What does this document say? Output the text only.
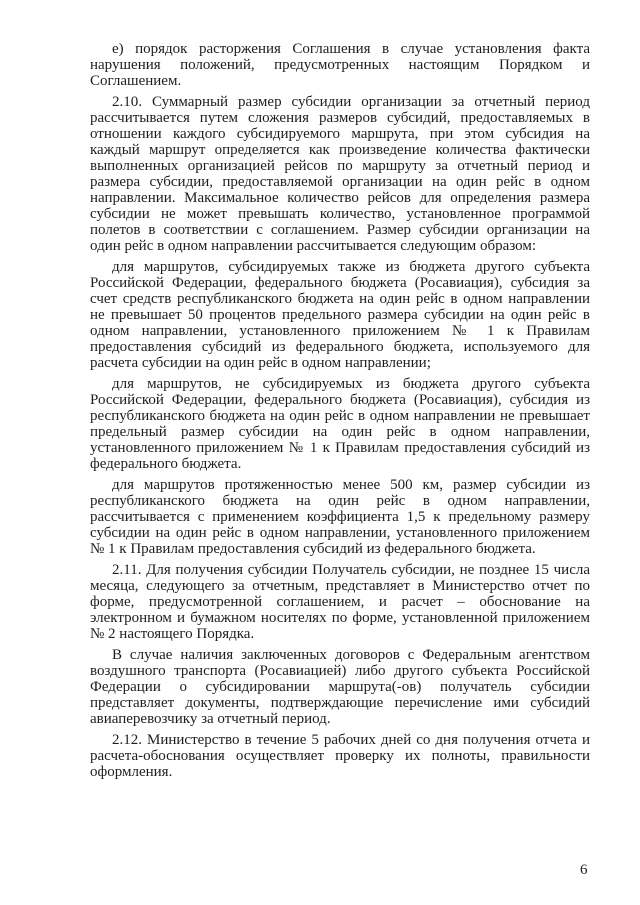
е) порядок расторжения Соглашения в случае установления факта нарушения положений, предусмотренных настоящим Порядком и Соглашением.

2.10. Суммарный размер субсидии организации за отчетный период рассчитывается путем сложения размеров субсидий, предоставляемых в отношении каждого субсидируемого маршрута, при этом субсидия на каждый маршрут определяется как произведение количества фактически выполненных организацией рейсов по маршруту за отчетный период и размера субсидии, предоставляемой организации на один рейс в одном направлении. Максимальное количество рейсов для определения размера субсидии не может превышать количество, установленное программой полетов в соответствии с соглашением. Размер субсидии организации на один рейс в одном направлении рассчитывается следующим образом:

для маршрутов, субсидируемых также из бюджета другого субъекта Российской Федерации, федерального бюджета (Росавиация), субсидия за счет средств республиканского бюджета на один рейс в одном направлении не превышает 50 процентов предельного размера субсидии на один рейс в одном направлении, установленного приложением № 1 к Правилам предоставления субсидий из федерального бюджета, используемого для расчета субсидии на один рейс в одном направлении;

для маршрутов, не субсидируемых из бюджета другого субъекта Российской Федерации, федерального бюджета (Росавиация), субсидия из республиканского бюджета на один рейс в одном направлении не превышает предельный размер субсидии на один рейс в одном направлении, установленного приложением № 1 к Правилам предоставления субсидий из федерального бюджета.

для маршрутов протяженностью менее 500 км, размер субсидии из республиканского бюджета на один рейс в одном направлении, рассчитывается с применением коэффициента 1,5 к предельному размеру субсидии на один рейс в одном направлении, установленного приложением № 1 к Правилам предоставления субсидий из федерального бюджета.

2.11. Для получения субсидии Получатель субсидии, не позднее 15 числа месяца, следующего за отчетным, представляет в Министерство отчет по форме, предусмотренной соглашением, и расчет – обоснование на электронном и бумажном носителях по форме, установленной приложением № 2 настоящего Порядка.

В случае наличия заключенных договоров с Федеральным агентством воздушного транспорта (Росавиацией) либо другого субъекта Российской Федерации о субсидировании маршрута(-ов) получатель субсидии представляет документы, подтверждающие перечисление ими субсидий авиаперевозчику за отчетный период.

2.12. Министерство в течение 5 рабочих дней со дня получения отчета и расчета-обоснования осуществляет проверку их полноты, правильности оформления.

6
